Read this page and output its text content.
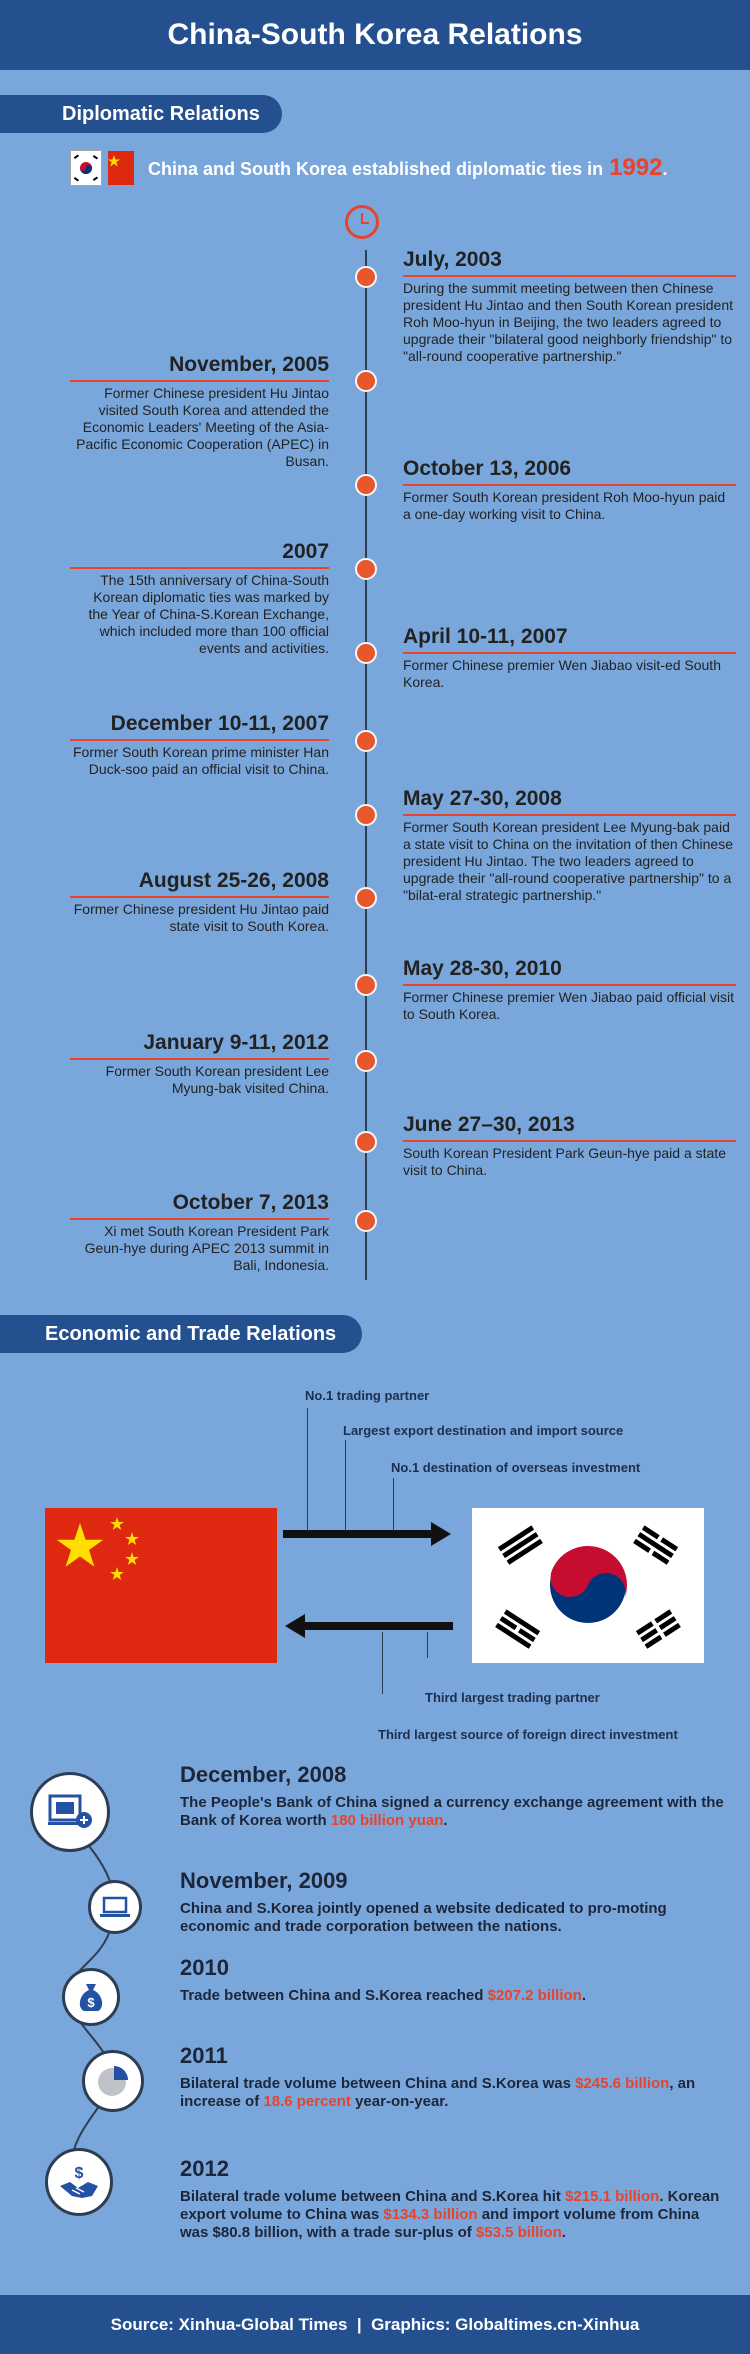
China-South Korea Relations
Diplomatic Relations
China and South Korea established diplomatic ties in 1992.
July, 2003
During the summit meeting between then Chinese president Hu Jintao and then South Korean president Roh Moo-hyun in Beijing, the two leaders agreed to upgrade their "bilateral good neighborly friendship" to "all-round cooperative partnership."
November, 2005
Former Chinese president Hu Jintao visited South Korea and attended the Economic Leaders' Meeting of the Asia-Pacific Economic Cooperation (APEC) in Busan.	October 13, 2006
Former South Korean president Roh Moo-hyun paid a one-day working visit to China.
2007
The 15th anniversary of China-South Korean diplomatic ties was marked by the Year of China-S.Korean Exchange, which included more than 100 official events and activities.	April 10-11, 2007
Former Chinese premier Wen Jiabao visit-ed South Korea.
December 10-11, 2007
Former South Korean prime minister Han Duck-soo paid an official visit to China.
May 27-30, 2008
Former South Korean president Lee Myung-bak paid a state visit to China on the invitation of then Chinese president Hu Jintao. The two leaders agreed to upgrade their "all-round cooperative partnership" to a "bilat-eral strategic partnership."
August 25-26, 2008
Former Chinese president Hu Jintao paid state visit to South Korea.
May 28-30, 2010
Former Chinese premier Wen Jiabao paid official visit to South Korea.
January 9-11, 2012
Former South Korean president Lee Myung-bak visited China.
June 27–30, 2013
South Korean President Park Geun-hye paid a state visit to China.
October 7, 2013
Xi met South Korean President Park Geun-hye during APEC 2013 summit in Bali, Indonesia.
Economic and Trade Relations
No.1 trading partner
Largest export destination and import source
No.1 destination of overseas investment
Third largest trading partner
Third largest source of foreign direct investment
December, 2008
The People's Bank of China signed a currency exchange agreement with the Bank of Korea worth 180 billion yuan.
November, 2009
China and S.Korea jointly opened a website dedicated to pro-moting economic and trade corporation between the nations.
$
2010
Trade between China and S.Korea reached $207.2 billion.
2011
Bilateral trade volume between China and S.Korea was $245.6 billion, an increase of 18.6 percent year-on-year.
$	2012
Bilateral trade volume between China and S.Korea hit $215.1 billion. Korean export volume to China was $134.3 billion and import volume from China was $80.8 billion, with a trade sur-plus of $53.5 billion.
Source: Xinhua-Global Times  |  Graphics: Globaltimes.cn-Xinhua
